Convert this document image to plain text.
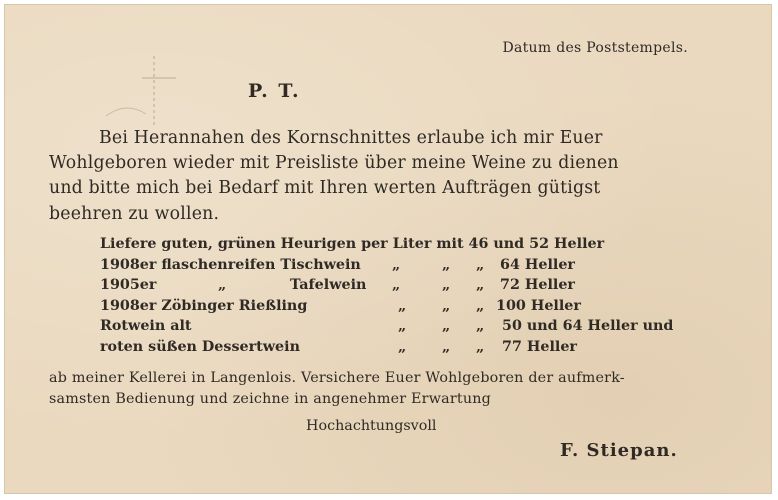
Datum des Poststempels.
P. T.
Bei Herannahen des Kornschnittes erlaube ich mir Euer
Wohlgeboren wieder mit Preisliste über meine Weine zu dienen
und bitte mich bei Bedarf mit Ihren werten Aufträgen gütigst
beehren zu wollen.
Liefere guten, grünen Heurigen per Liter mit 46 und 52 Heller
1908er flaschenreifen Tischwein „	„ „ 64 Heller
1905er	„	Tafelwein „	„ „ 72 Heller
1908er Zöbinger Rießling	„	„ „ 100 Heller
Rotwein alt	„	„ „ 50 und 64 Heller und
roten süßen Dessertwein	„	„ „ 77 Heller
ab meiner Kellerei in Langenlois. Versichere Euer Wohlgeboren der aufmerk-
samsten Bedienung und zeichne in angenehmer Erwartung
Hochachtungsvoll
F. Stiepan.
